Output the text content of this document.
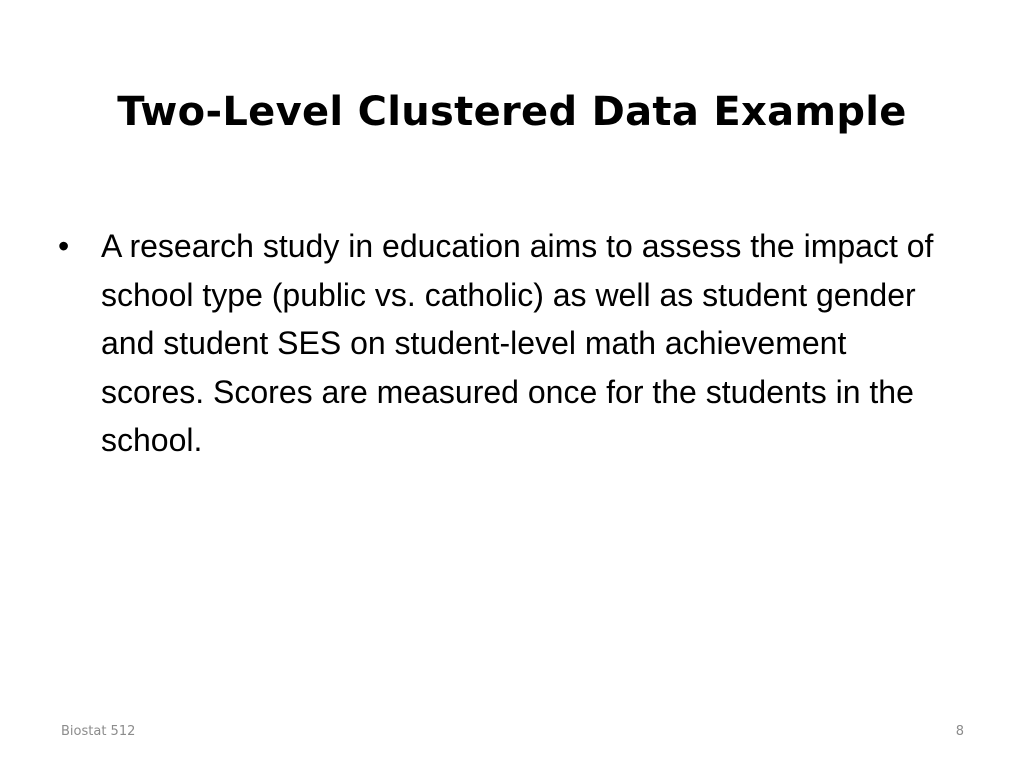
Two-Level Clustered Data Example
• A research study in education aims to assess the impact of school type (public vs. catholic) as well as student gender and student SES on student-level math achievement scores. Scores are measured once for the students in the school.
Biostat 512	8
